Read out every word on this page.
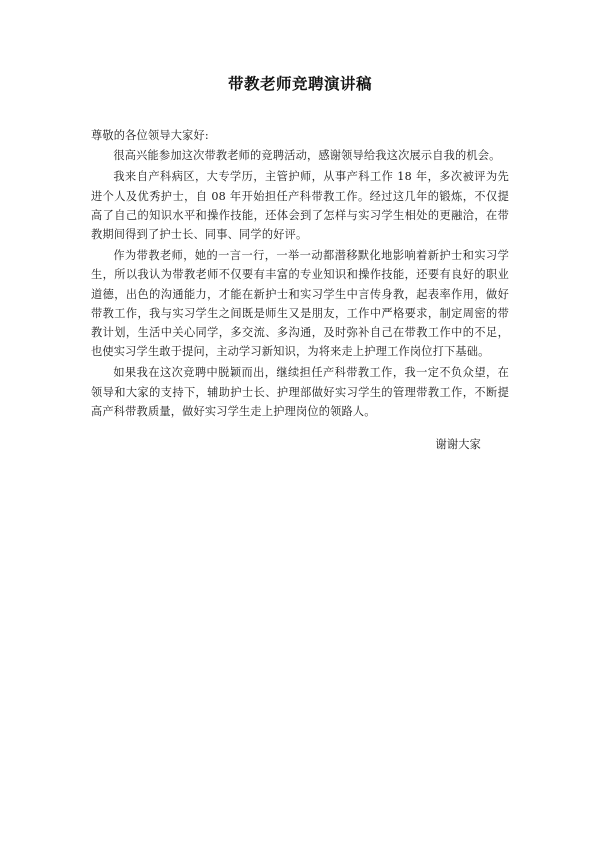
带教老师竞聘演讲稿

尊敬的各位领导大家好:

很高兴能参加这次带教老师的竞聘活动，感谢领导给我这次展示自我的机会。

我来自产科病区，大专学历，主管护师，从事产科工作 18 年，多次被评为先进个人及优秀护士，自 08 年开始担任产科带教工作。经过这几年的锻炼，不仅提高了自己的知识水平和操作技能，还体会到了怎样与实习学生相处的更融洽，在带教期间得到了护士长、同事、同学的好评。

作为带教老师，她的一言一行，一举一动都潜移默化地影响着新护士和实习学生，所以我认为带教老师不仅要有丰富的专业知识和操作技能，还要有良好的职业道德，出色的沟通能力，才能在新护士和实习学生中言传身教，起表率作用，做好带教工作，我与实习学生之间既是师生又是朋友，工作中严格要求，制定周密的带教计划，生活中关心同学，多交流、多沟通，及时弥补自己在带教工作中的不足，也使实习学生敢于提问，主动学习新知识，为将来走上护理工作岗位打下基础。

如果我在这次竞聘中脱颖而出，继续担任产科带教工作，我一定不负众望，在领导和大家的支持下，辅助护士长、护理部做好实习学生的管理带教工作，不断提高产科带教质量，做好实习学生走上护理岗位的领路人。

谢谢大家
